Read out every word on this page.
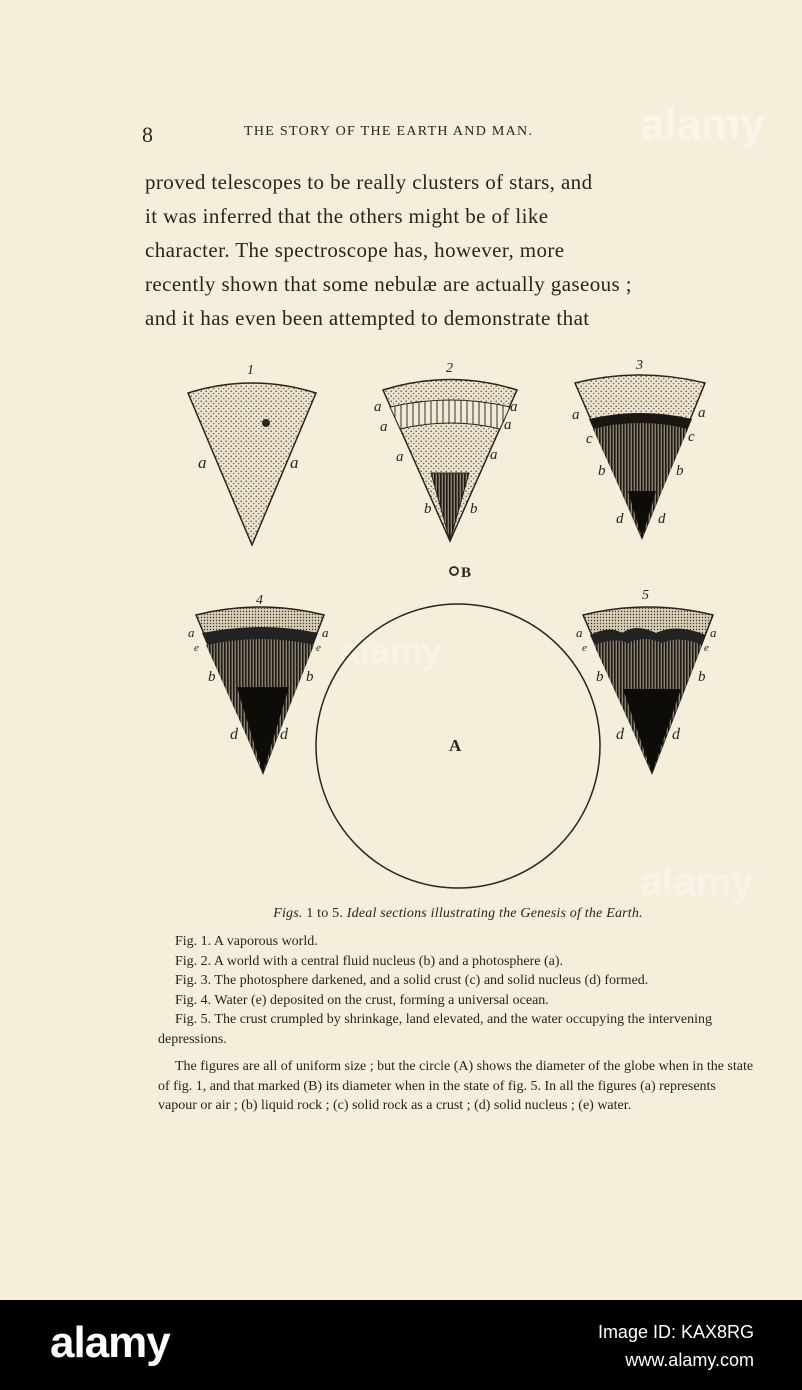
alamy
alamy
alamy
8	THE STORY OF THE EARTH AND MAN.
proved telescopes to be really clusters of stars, and
it was inferred that the others might be of like
character. The spectroscope has, however, more
recently shown that some nebulæ are actually gaseous ;
and it has even been attempted to demonstrate that
1
a	a
2
a	a
a	a
a	a
b	b
3
a	a
c	c
b	b
d d
B
4
a	a
e	e
b	b
d	d
A
5
a	a
e	e
b	b
d	d
Figs. 1 to 5. Ideal sections illustrating the Genesis of the Earth.
Fig. 1. A vaporous world.
Fig. 2. A world with a central fluid nucleus (b) and a photosphere (a).
Fig. 3. The photosphere darkened, and a solid crust (c) and solid nucleus (d) formed.
Fig. 4. Water (e) deposited on the crust, forming a universal ocean.
Fig. 5. The crust crumpled by shrinkage, land elevated, and the water occupying the intervening depressions.
The figures are all of uniform size ; but the circle (A) shows the diameter of the globe when in the state of fig. 1, and that marked (B) its diameter when in the state of fig. 5. In all the figures (a) represents vapour or air ; (b) liquid rock ; (c) solid rock as a crust ; (d) solid nucleus ; (e) water.
alamy	Image ID: KAX8RG
www.alamy.com
